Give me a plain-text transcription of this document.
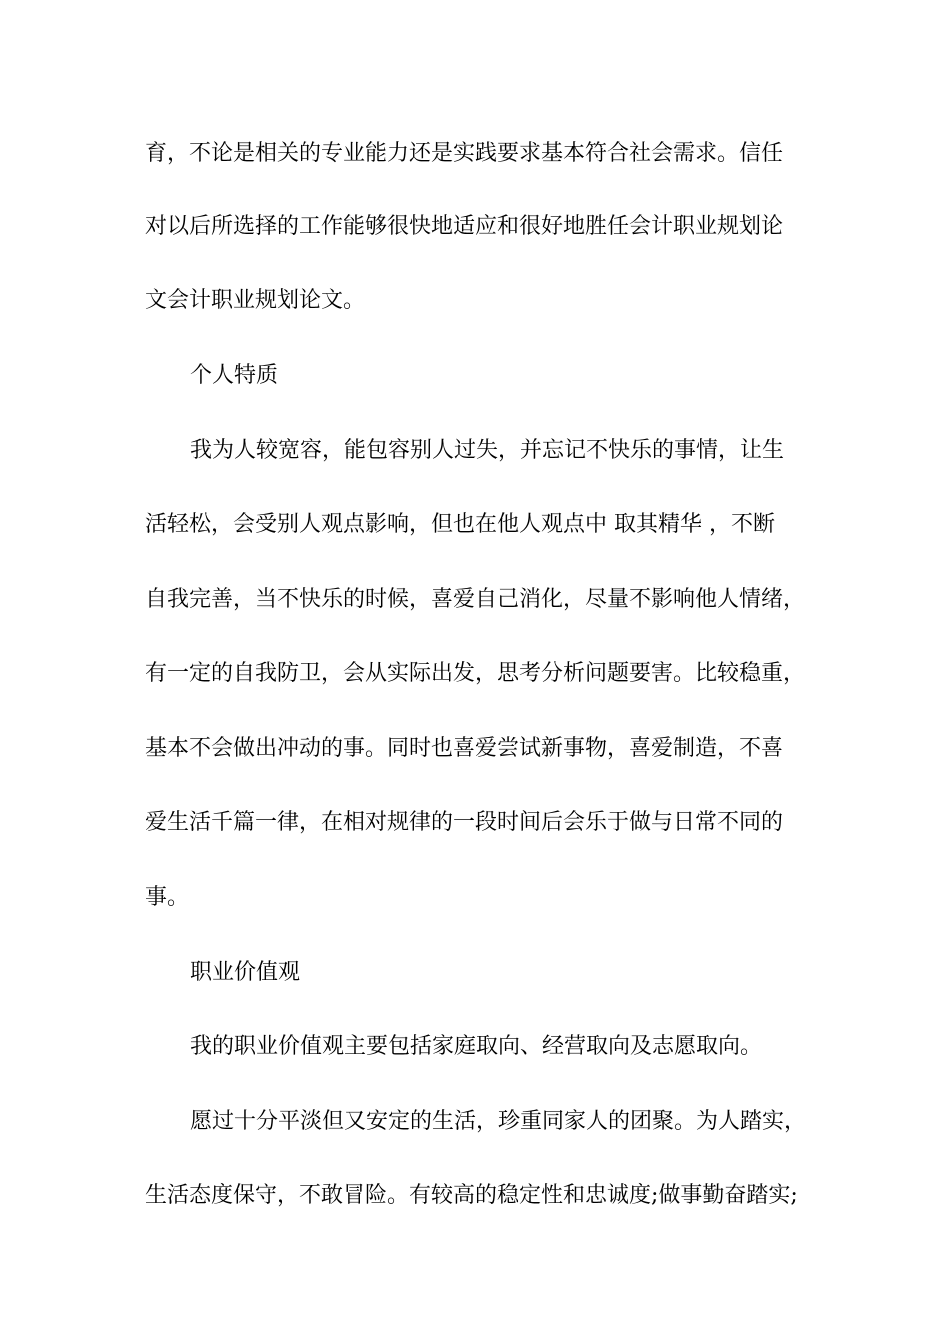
育，不论是相关的专业能力还是实践要求基本符合社会需求。信任
对以后所选择的工作能够很快地适应和很好地胜任会计职业规划论
文会计职业规划论文。
个人特质
我为人较宽容，能包容别人过失，并忘记不快乐的事情，让生
活轻松，会受别人观点影响，但也在他人观点中 取其精华 ，不断
自我完善，当不快乐的时候，喜爱自己消化，尽量不影响他人情绪，
有一定的自我防卫，会从实际出发，思考分析问题要害。比较稳重，
基本不会做出冲动的事。同时也喜爱尝试新事物，喜爱制造，不喜
爱生活千篇一律，在相对规律的一段时间后会乐于做与日常不同的
事。
职业价值观
我的职业价值观主要包括家庭取向、经营取向及志愿取向。
愿过十分平淡但又安定的生活，珍重同家人的团聚。为人踏实，
生活态度保守，不敢冒险。有较高的稳定性和忠诚度;做事勤奋踏实;
